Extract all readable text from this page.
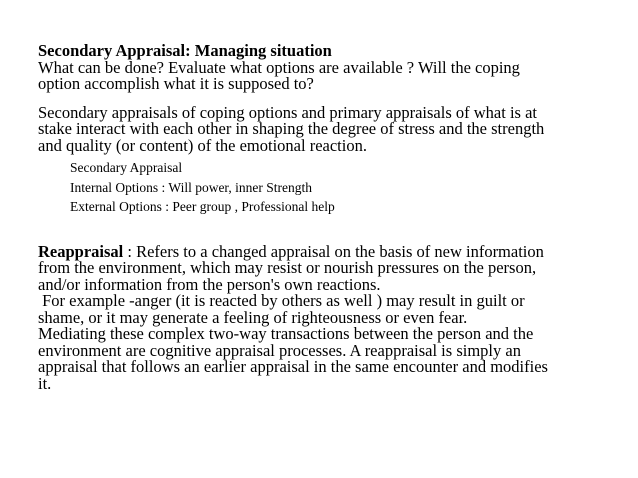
Secondary Appraisal: Managing situation
What can be done? Evaluate what options are available ? Will the coping
option accomplish what it is supposed to?

Secondary appraisals of coping options and primary appraisals of what is at
stake interact with each other in shaping the degree of stress and the strength
and quality (or content) of the emotional reaction.

Secondary Appraisal
Internal Options : Will power, inner Strength
External Options : Peer group , Professional help

Reappraisal : Refers to a changed appraisal on the basis of new information
from the environment, which may resist or nourish pressures on the person,
and/or information from the person's own reactions.
For example -anger (it is reacted by others as well ) may result in guilt or
shame, or it may generate a feeling of righteousness or even fear.
Mediating these complex two-way transactions between the person and the
environment are cognitive appraisal processes. A reappraisal is simply an
appraisal that follows an earlier appraisal in the same encounter and modifies
it.
